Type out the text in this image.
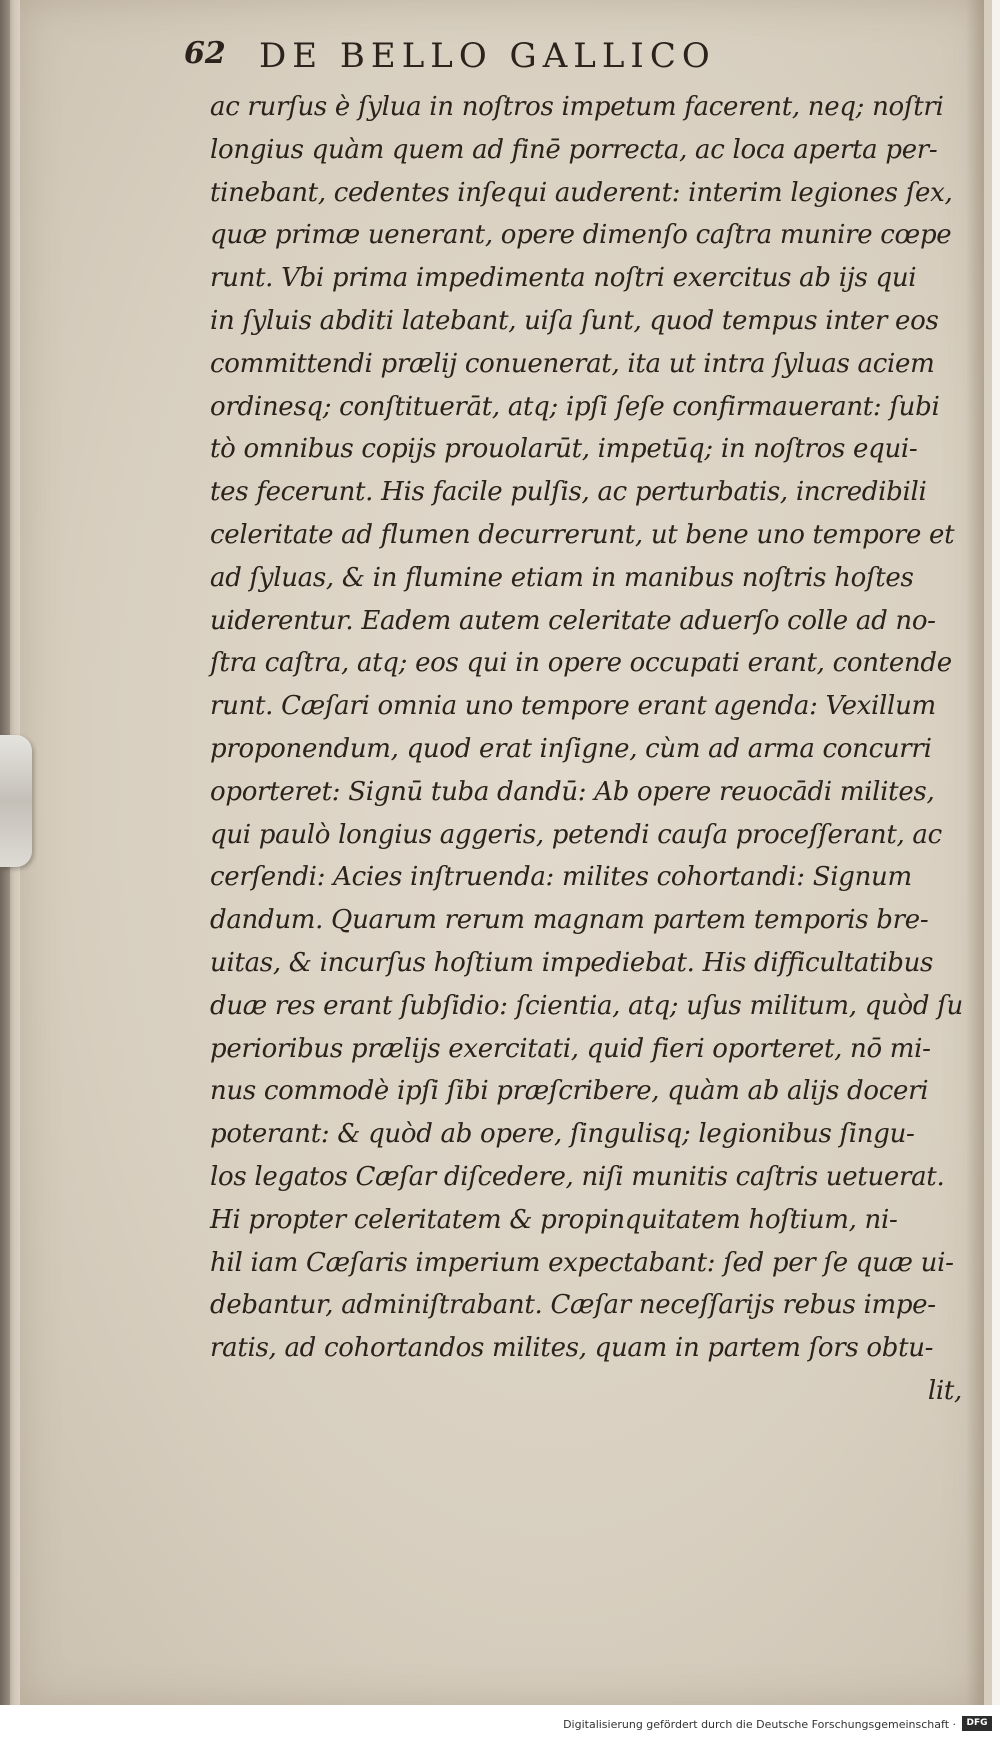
62 DE BELLO GALLICO
ac rurſus è ſylua in noſtros impetum facerent, neq; noſtri
longius quàm quem ad finē porrecta, ac loca aperta per-
tinebant, cedentes inſequi auderent: interim legiones ſex,
quæ primæ uenerant, opere dimenſo caſtra munire cœpe
runt. Vbi prima impedimenta noſtri exercitus ab ijs qui
in ſyluis abditi latebant, uiſa ſunt, quod tempus inter eos
committendi prælij conuenerat, ita ut intra ſyluas aciem
ordinesq; conſtituerāt, atq; ipſi ſeſe confirmauerant: ſubi
tò omnibus copijs prouolarūt, impetūq; in noſtros equi-
tes fecerunt. His facile pulſis, ac perturbatis, incredibili
celeritate ad flumen decurrerunt, ut bene uno tempore et
ad ſyluas, & in flumine etiam in manibus noſtris hoſtes
uiderentur. Eadem autem celeritate aduerſo colle ad no-
ſtra caſtra, atq; eos qui in opere occupati erant, contende
runt. Cæſari omnia uno tempore erant agenda: Vexillum
proponendum, quod erat inſigne, cùm ad arma concurri
oporteret: Signū tuba dandū: Ab opere reuocādi milites,
qui paulò longius aggeris, petendi cauſa proceſſerant, ac
cerſendi: Acies inſtruenda: milites cohortandi: Signum
dandum. Quarum rerum magnam partem temporis bre-
uitas, & incurſus hoſtium impediebat. His difficultatibus
duæ res erant ſubſidio: ſcientia, atq; uſus militum, quòd ſu
perioribus prælijs exercitati, quid fieri oporteret, nō mi-
nus commodè ipſi ſibi præſcribere, quàm ab alijs doceri
poterant: & quòd ab opere, ſingulisq; legionibus ſingu-
los legatos Cæſar diſcedere, niſi munitis caſtris uetuerat.
Hi propter celeritatem & propinquitatem hoſtium, ni-
hil iam Cæſaris imperium expectabant: ſed per ſe quæ ui-
debantur, adminiſtrabant. Cæſar neceſſarijs rebus impe-
ratis, ad cohortandos milites, quam in partem ſors obtu-
lit,
Digitalisierung gefördert durch die Deutsche Forschungsgemeinschaft ·	DFG
